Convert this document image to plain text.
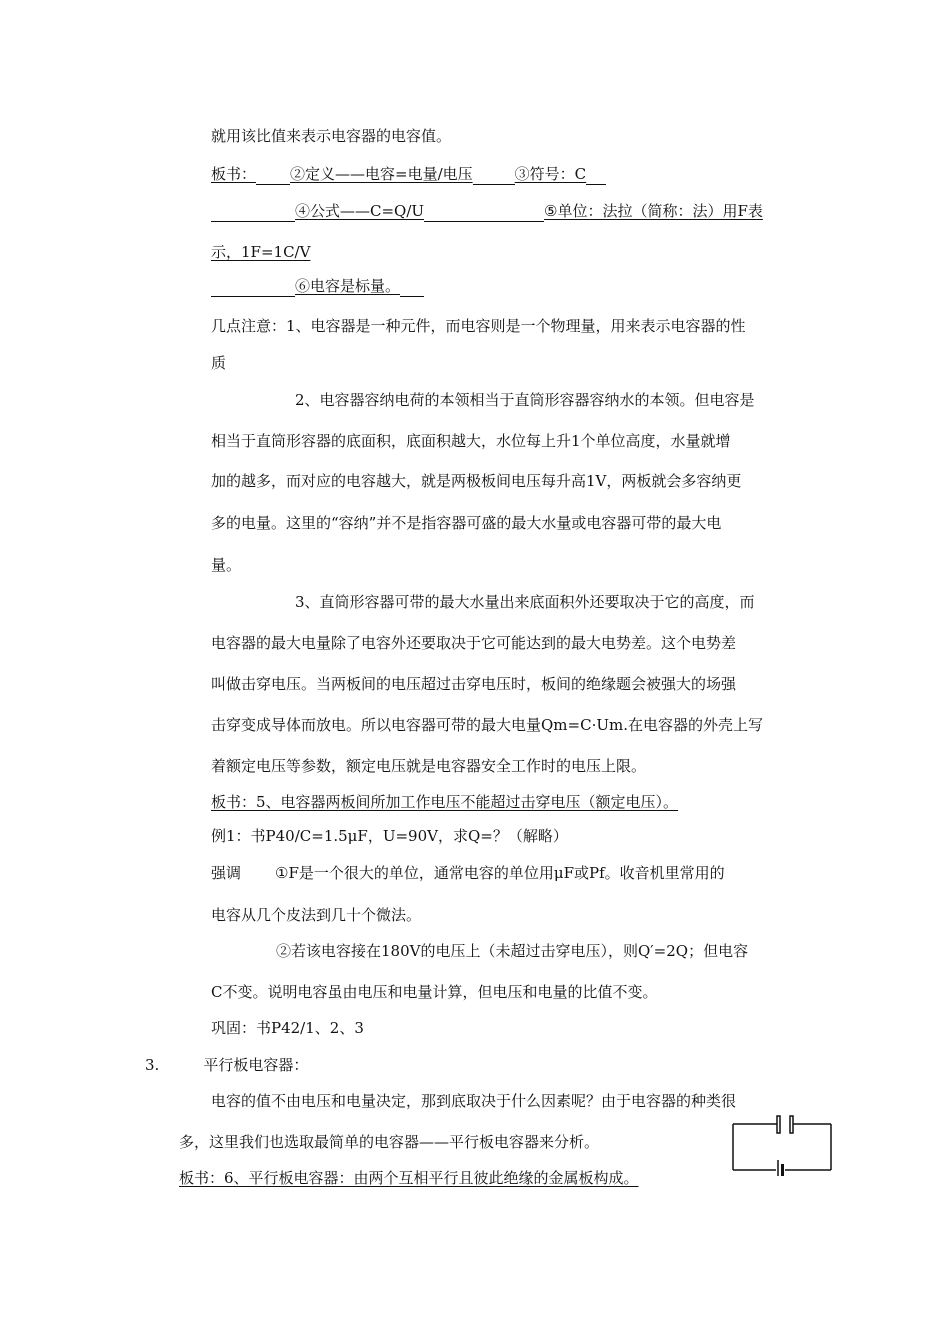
就用该比值来表示电容器的电容值。
板书： ②定义——电容=电量/电压	③符号：C
④公式——C=Q/U	⑤单位：法拉（简称：法）用F表
示，1F=1C/V
⑥电容是标量。
几点注意：1、电容器是一种元件，而电容则是一个物理量，用来表示电容器的性
质
2、电容器容纳电荷的本领相当于直筒形容器容纳水的本领。但电容是
相当于直筒形容器的底面积，底面积越大，水位每上升1个单位高度，水量就增
加的越多，而对应的电容越大，就是两极板间电压每升高1V，两板就会多容纳更
多的电量。这里的“容纳”并不是指容器可盛的最大水量或电容器可带的最大电
量。
3、直筒形容器可带的最大水量出来底面积外还要取决于它的高度，而
电容器的最大电量除了电容外还要取决于它可能达到的最大电势差。这个电势差
叫做击穿电压。当两板间的电压超过击穿电压时，板间的绝缘题会被强大的场强
击穿变成导体而放电。所以电容器可带的最大电量Qm=C·Um.在电容器的外壳上写
着额定电压等参数，额定电压就是电容器安全工作时的电压上限。
板书：5、电容器两板间所加工作电压不能超过击穿电压（额定电压）。
例1：书P40/C=1.5μF，U=90V，求Q=？（解略）
强调 ①F是一个很大的单位，通常电容的单位用μF或Pf。收音机里常用的
电容从几个皮法到几十个微法。
②若该电容接在180V的电压上（未超过击穿电压），则Q′=2Q；但电容
C不变。说明电容虽由电压和电量计算，但电压和电量的比值不变。
巩固：书P42/1、2、3
3.	平行板电容器：
电容的值不由电压和电量决定，那到底取决于什么因素呢？由于电容器的种类很
多，这里我们也选取最简单的电容器——平行板电容器来分析。
板书：6、平行板电容器：由两个互相平行且彼此绝缘的金属板构成。
